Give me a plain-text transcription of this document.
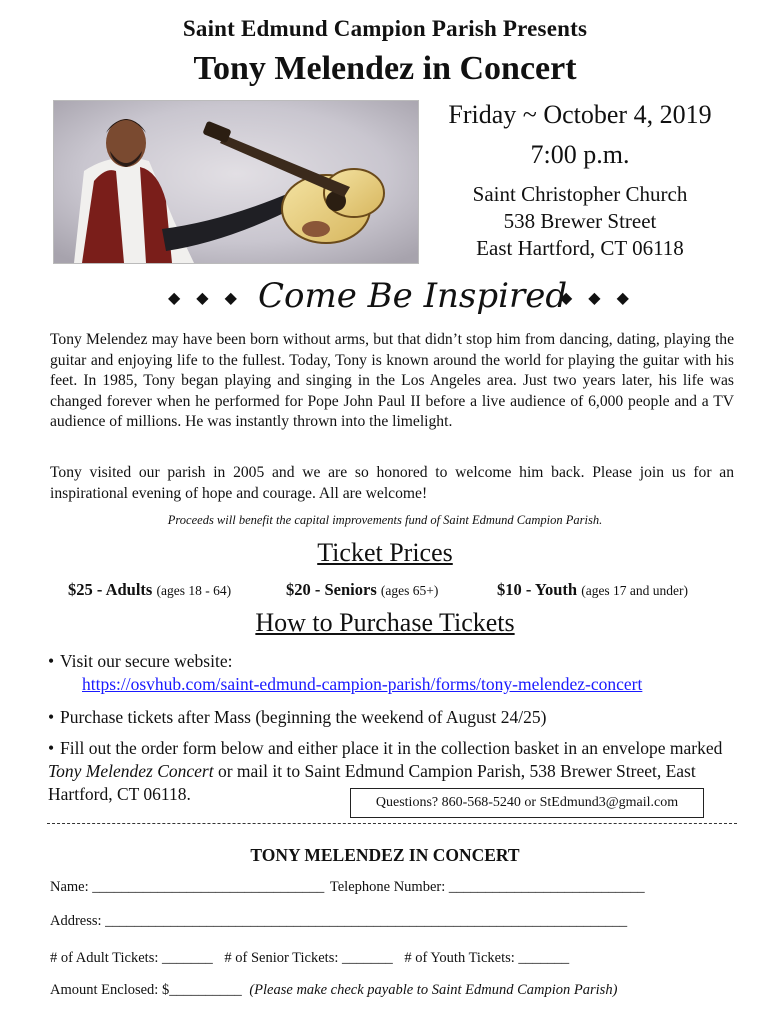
Saint Edmund Campion Parish Presents
Tony Melendez in Concert
Friday ~ October 4, 2019
7:00 p.m.
Saint Christopher Church
538 Brewer Street
East Hartford, CT 06118
◆ ◆ ◆ Come Be Inspired
◆ ◆ ◆
Tony Melendez may have been born without arms, but that didn’t stop him from dancing, dating, playing the guitar and enjoying life to the fullest. Today, Tony is known around the world for playing the guitar with his feet. In 1985, Tony began playing and singing in the Los Angeles area. Just two years later, his life was changed forever when he performed for Pope John Paul II before a live audience of 6,000 people and a TV audience of millions. He was instantly thrown into the limelight.
Tony visited our parish in 2005 and we are so honored to welcome him back. Please join us for an inspirational evening of hope and courage. All are welcome!
Proceeds will benefit the capital improvements fund of Saint Edmund Campion Parish.
Ticket Prices
$25 - Adults (ages 18 - 64)	$20 - Seniors (ages 65+)	$10 - Youth (ages 17 and under)
How to Purchase Tickets
• Visit our secure website:
https://osvhub.com/saint-edmund-campion-parish/forms/tony-melendez-concert
• Purchase tickets after Mass (beginning the weekend of August 24/25)
• Fill out the order form below and either place it in the collection basket in an envelope marked Tony Melendez Concert or mail it to Saint Edmund Campion Parish, 538 Brewer Street, East Hartford, CT 06118.	Questions? 860-568-5240 or StEdmund3@gmail.com
TONY MELENDEZ IN CONCERT
Name: ________________________________ Telephone Number: ___________________________
Address: ________________________________________________________________________
# of Adult Tickets: _______ # of Senior Tickets: _______ # of Youth Tickets: _______
Amount Enclosed: $__________ (Please make check payable to Saint Edmund Campion Parish)
